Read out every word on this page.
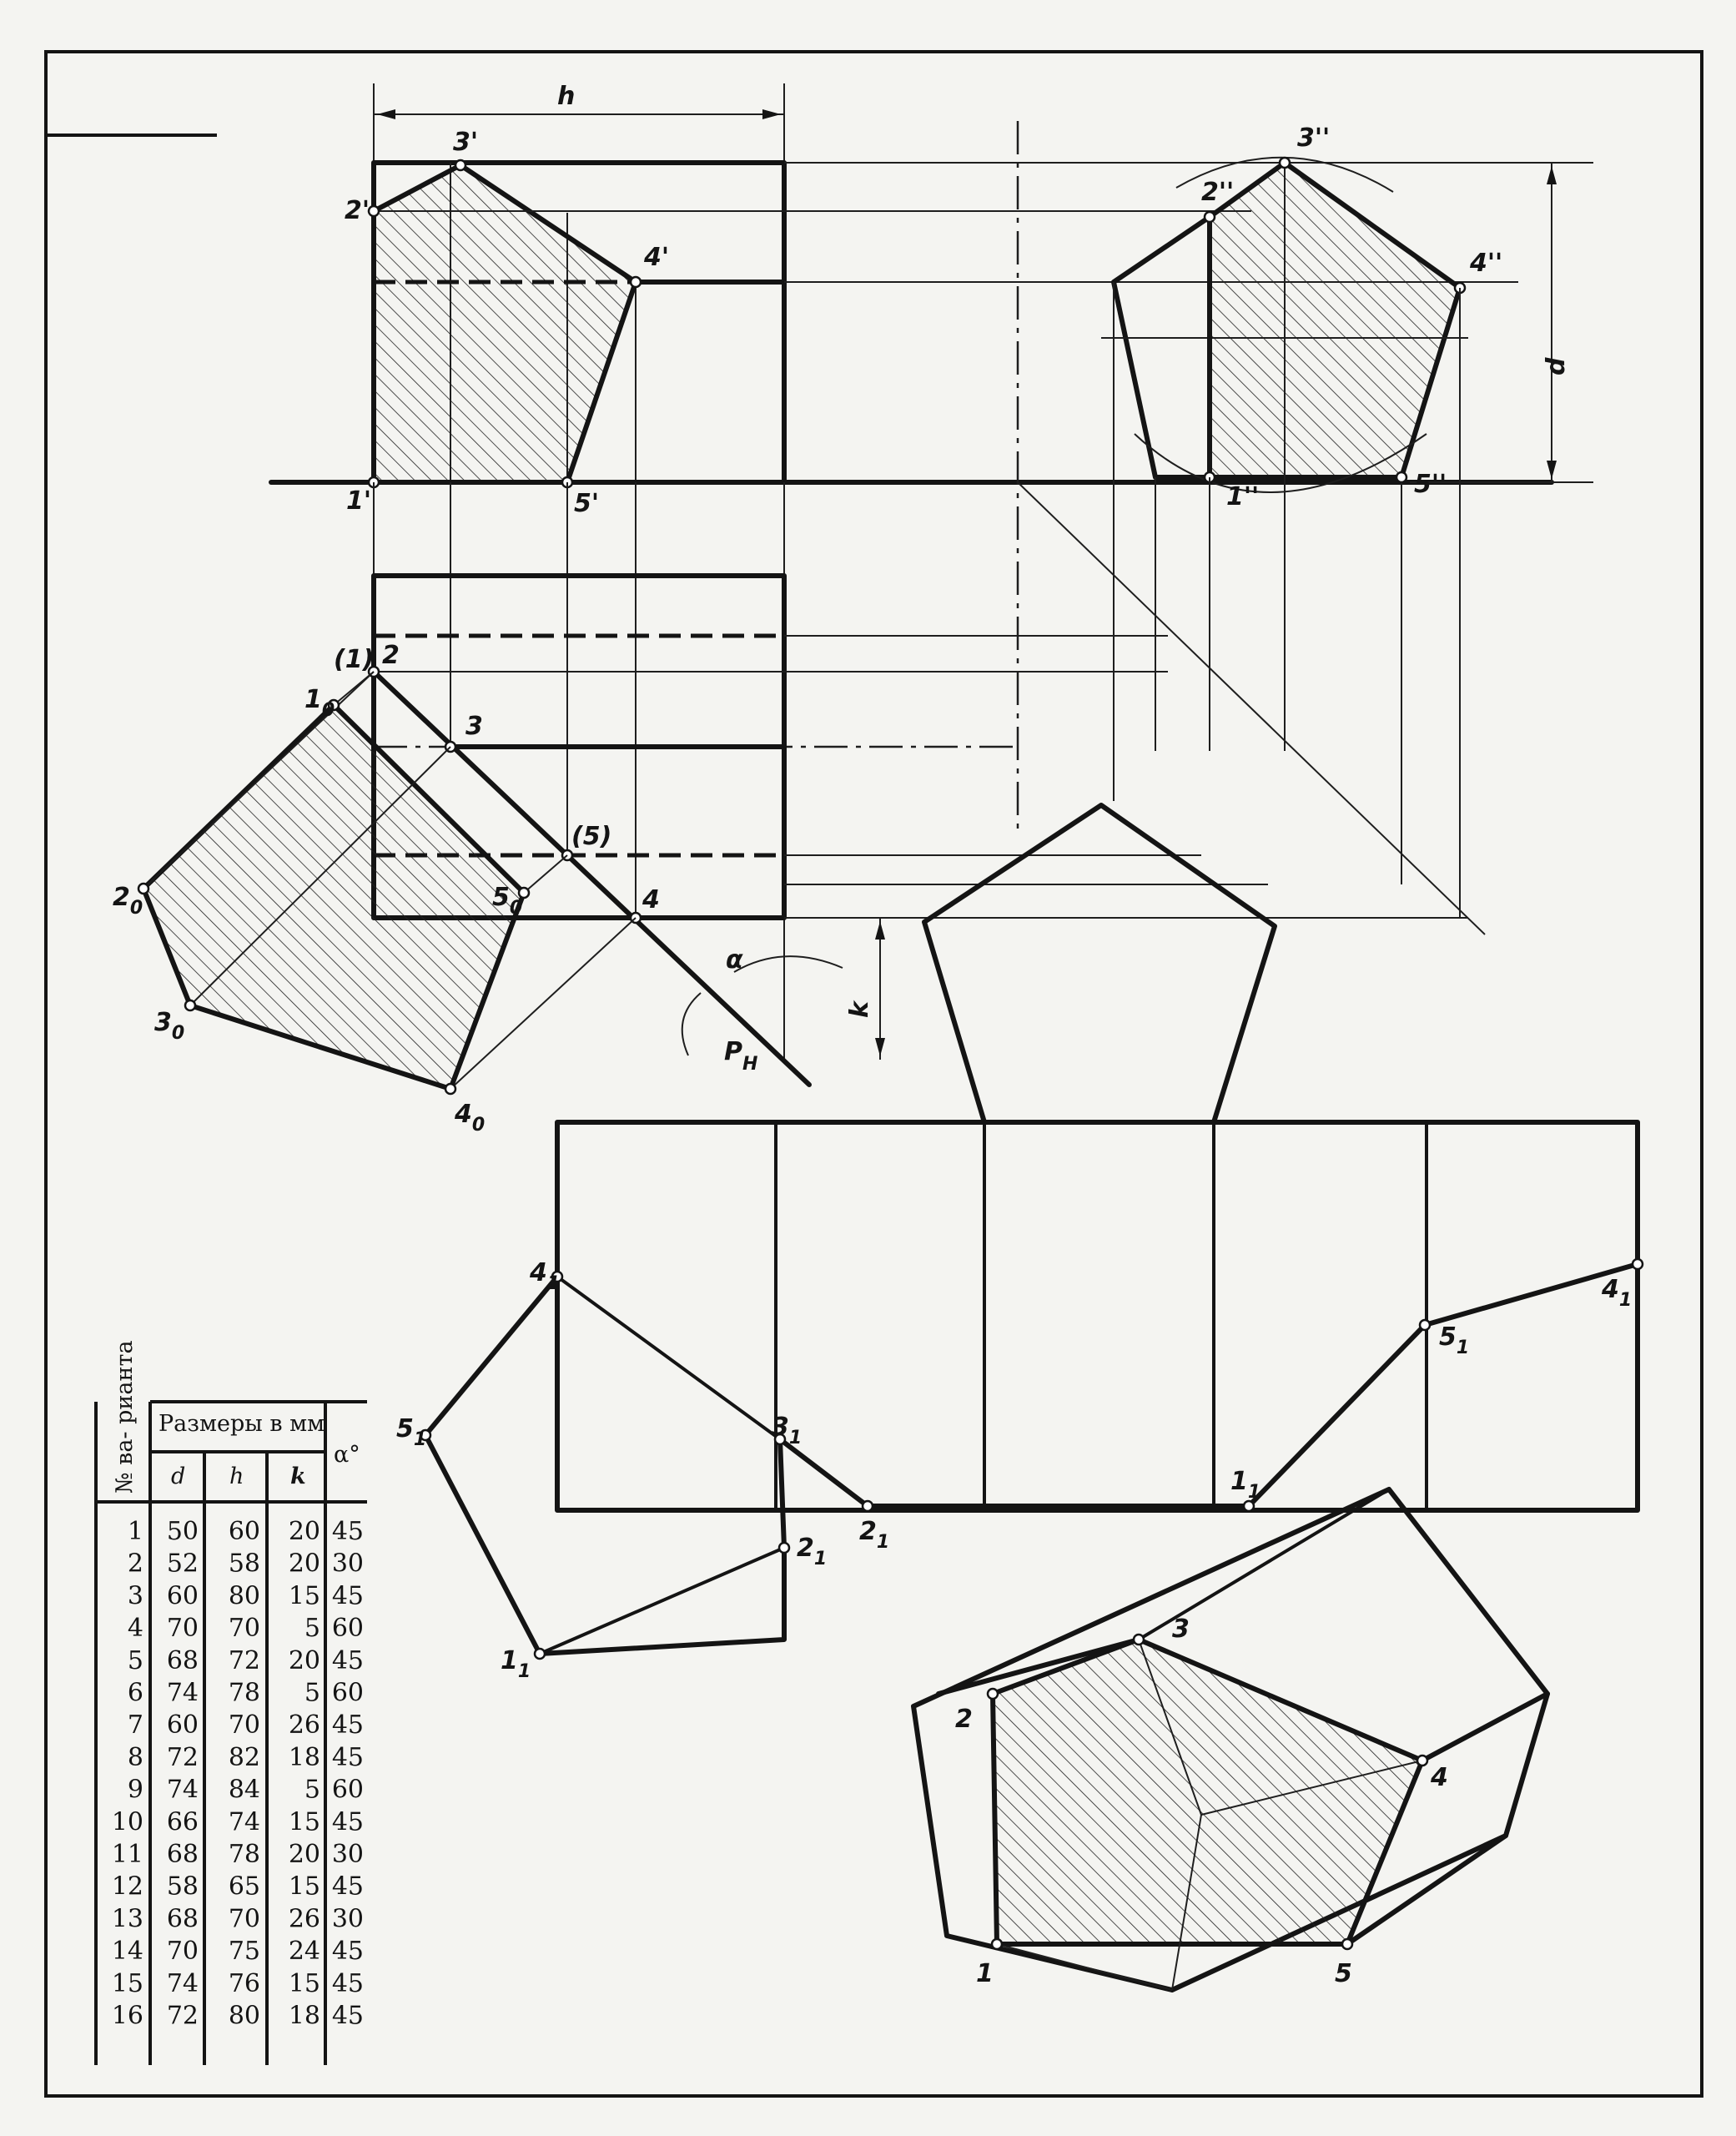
h
d
k
α
$P_H$
1'
2'
3'
4'
5'	1''
2''
3''
4''
5''
(1) 2
3
(5)
4
$1_0$
$2_0$
$3_0$
$4_0$
$5_0$
$4_1$
$5_1$	$3_1$
$2_1$
$1_1$
$1_1$
$2_1$
$4_1$
$5_1$
1
2
3
4
5
№ ва- рианта Размеры в мм
α°
d h k
1 50 60 20 45
2 52 58 20 30
3 60 80 15 45
4 70 70 5 60
5 68 72 20 45
6 74 78 5 60
7 60 70 26 45
8 72 82 18 45
9 74 84 5 60
10 66 74 15 45
11 68 78 20 30
12 58 65 15 45
13 68 70 26 30
14 70 75 24 45
15 74 76 15 45
16 72 80 18 45
